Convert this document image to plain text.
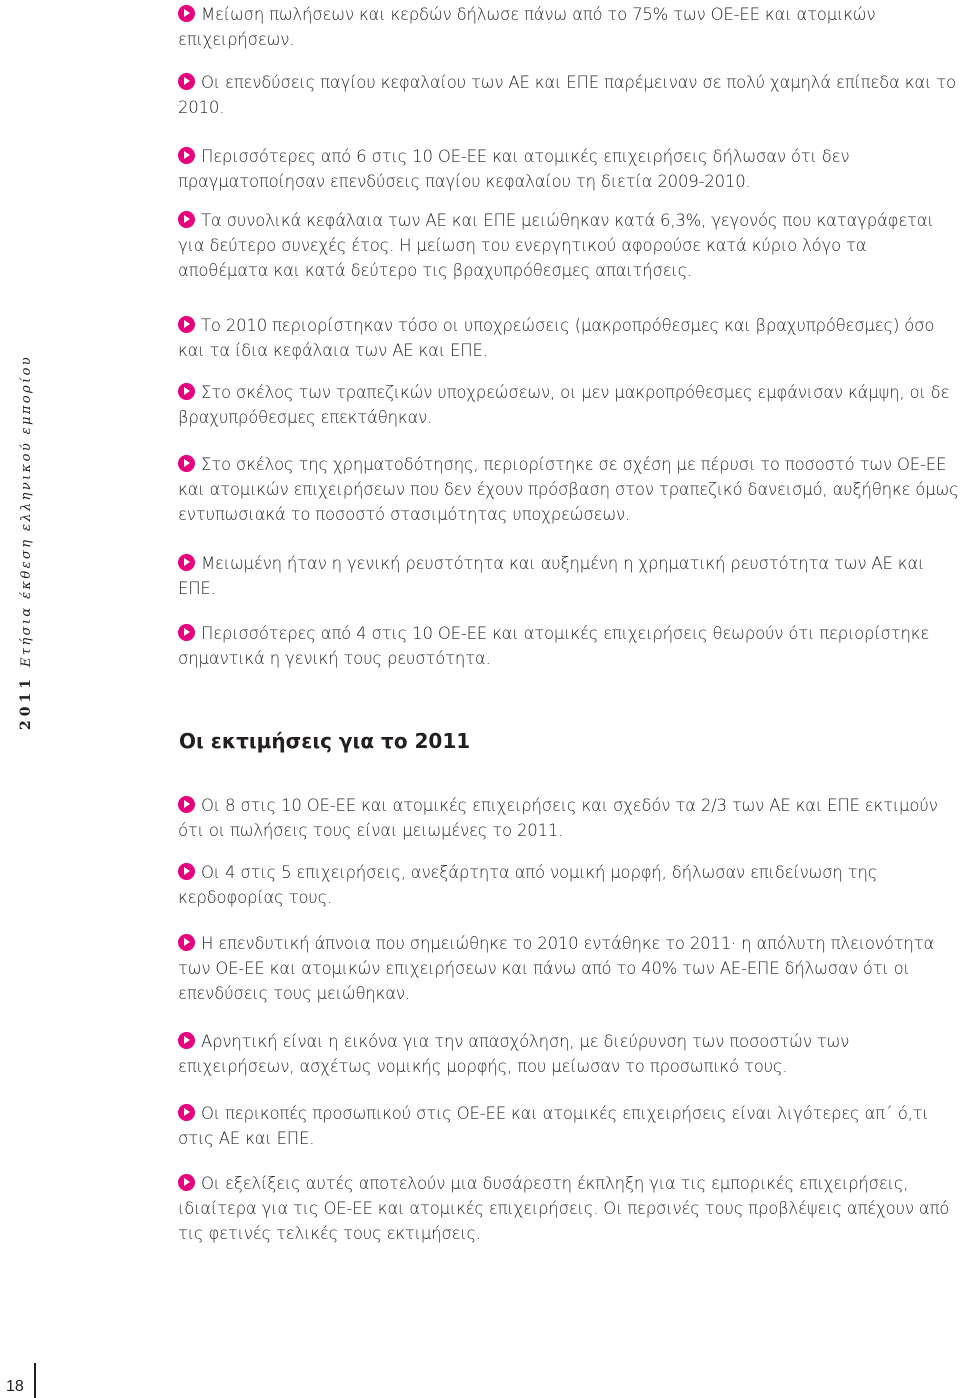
2011Ετήσια έκθεση ελληνικού εμπορίου
18
Μείωση πωλήσεων και κερδών δήλωσε πάνω από το 75% των ΟΕ-ΕΕ και ατομικών επιχειρήσεων.
Οι επενδύσεις παγίου κεφαλαίου των ΑΕ και ΕΠΕ παρέμειναν σε πολύ χαμηλά επίπεδα και το 2010.
Περισσότερες από 6 στις 10 ΟΕ-ΕΕ και ατομικές επιχειρήσεις δήλωσαν ότι δεν πραγματοποίησαν επενδύσεις παγίου κεφαλαίου τη διετία 2009-2010.
Τα συνολικά κεφάλαια των ΑΕ και ΕΠΕ μειώθηκαν κατά 6,3%, γεγονός που καταγράφεται για δεύτερο συνεχές έτος. Η μείωση του ενεργητικού αφορούσε κατά κύριο λόγο τα αποθέματα και κατά δεύτερο τις βραχυπρόθεσμες απαιτήσεις.
Το 2010 περιορίστηκαν τόσο οι υποχρεώσεις (μακροπρόθεσμες και βραχυπρόθεσμες) όσο και τα ίδια κεφάλαια των ΑΕ και ΕΠΕ.
Στο σκέλος των τραπεζικών υποχρεώσεων, οι μεν μακροπρόθεσμες εμφάνισαν κάμψη, οι δε βραχυπρόθεσμες επεκτάθηκαν.
Στο σκέλος της χρηματοδότησης, περιορίστηκε σε σχέση με πέρυσι το ποσοστό των ΟΕ-ΕΕ και ατομικών επιχειρήσεων που δεν έχουν πρόσβαση στον τραπεζικό δανεισμό, αυξήθηκε όμως εντυπωσιακά το ποσοστό στασιμότητας υποχρεώσεων.
Μειωμένη ήταν η γενική ρευστότητα και αυξημένη η χρηματική ρευστότητα των ΑΕ και ΕΠΕ.
Περισσότερες από 4 στις 10 ΟΕ-ΕΕ και ατομικές επιχειρήσεις θεωρούν ότι περιορίστηκε σημαντικά η γενική τους ρευστότητα.
Οι εκτιμήσεις για το 2011
Οι 8 στις 10 ΟΕ-ΕΕ και ατομικές επιχειρήσεις και σχεδόν τα 2/3 των ΑΕ και ΕΠΕ εκτιμούν ότι οι πωλήσεις τους είναι μειωμένες το 2011.
Οι 4 στις 5 επιχειρήσεις, ανεξάρτητα από νομική μορφή, δήλωσαν επιδείνωση της κερδοφορίας τους.
Η επενδυτική άπνοια που σημειώθηκε το 2010 εντάθηκε το 2011· η απόλυτη πλειονότητα των ΟΕ-ΕΕ και ατομικών επιχειρήσεων και πάνω από το 40% των ΑΕ-ΕΠΕ δήλωσαν ότι οι επενδύσεις τους μειώθηκαν.
Αρνητική είναι η εικόνα για την απασχόληση, με διεύρυνση των ποσοστών των επιχειρήσεων, ασχέτως νομικής μορφής, που μείωσαν το προσωπικό τους.
Οι περικοπές προσωπικού στις ΟΕ-ΕΕ και ατομικές επιχειρήσεις είναι λιγότερες απ΄ ό,τι στις ΑΕ και ΕΠΕ.
Οι εξελίξεις αυτές αποτελούν μια δυσάρεστη έκπληξη για τις εμπορικές επιχειρήσεις, ιδιαίτερα για τις ΟΕ-ΕΕ και ατομικές επιχειρήσεις. Οι περσινές τους προβλέψεις απέχουν από τις φετινές τελικές τους εκτιμήσεις.
